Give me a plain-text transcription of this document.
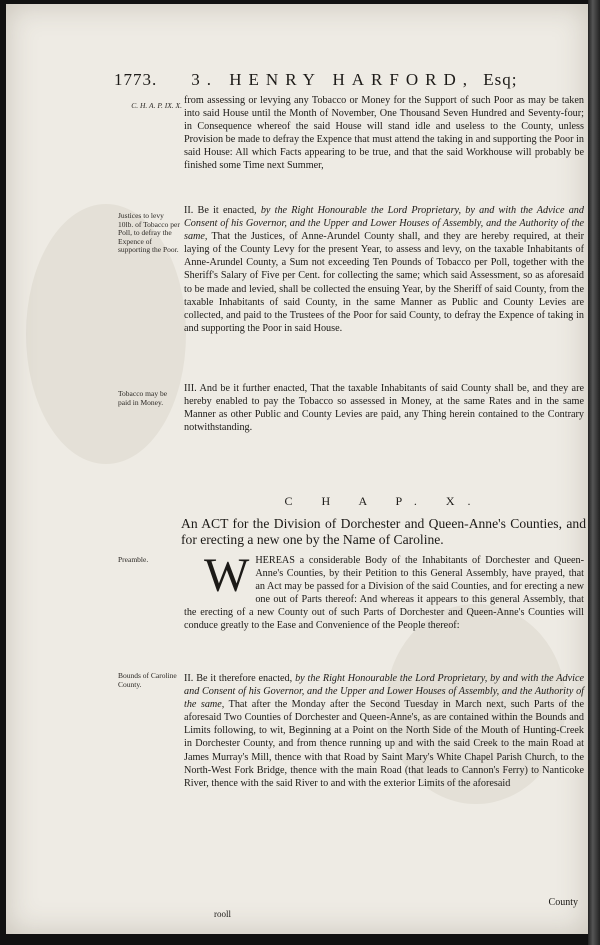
1773. 3. HENRY HARFORD, Esq;
C. H. A. P. IX. X.
Justices to levy 10lb. of Tobacco per Poll, to defray the Expence of supporting the Poor.
Tobacco may be paid in Money.
Preamble.
Bounds of Caroline County.

from assessing or levying any Tobacco or Money for the Support of such Poor as may be taken into said House until the Month of November, One Thousand Seven Hundred and Seventy-four; in Consequence whereof the said House will stand idle and useless to the County, unless Provision be made to defray the Expence that must attend the taking in and supporting the Poor in said House: All which Facts appearing to be true, and that the said Workhouse will probably be finished some Time next Summer,

II. Be it enacted, by the Right Honourable the Lord Proprietary, by and with the Advice and Consent of his Governor, and the Upper and Lower Houses of Assembly, and the Authority of the same, That the Justices, of Anne-Arundel County shall, and they are hereby required, at their laying of the County Levy for the present Year, to assess and levy, on the taxable Inhabitants of Anne-Arundel County, a Sum not exceeding Ten Pounds of Tobacco per Poll, together with the Sheriff's Salary of Five per Cent. for collecting the same; which said Assessment, so as aforesaid to be made and levied, shall be collected the ensuing Year, by the Sheriff of said County, from the taxable Inhabitants of said County, in the same Manner as Public and County Levies are collected, and paid to the Trustees of the Poor for said County, to defray the Expence of taking in and supporting the Poor in said House.

III. And be it further enacted, That the taxable Inhabitants of said County shall be, and they are hereby enabled to pay the Tobacco so assessed in Money, at the same Rates and in the same Manner as other Public and County Levies are paid, any Thing herein contained to the Contrary notwithstanding.

C H A P. X.
An ACT for the Division of Dorchester and Queen-Anne's Counties, and for erecting a new one by the Name of Caroline.

WHEREAS a considerable Body of the Inhabitants of Dorchester and Queen-Anne's Counties, by their Petition to this General Assembly, have prayed, that an Act may be passed for a Division of the said Counties, and for erecting a new one out of Parts thereof: And whereas it appears to this general Assembly, that the erecting of a new County out of such Parts of Dorchester and Queen-Anne's Counties will conduce greatly to the Ease and Convenience of the People thereof:

II. Be it therefore enacted, by the Right Honourable the Lord Proprietary, by and with the Advice and Consent of his Governor, and the Upper and Lower Houses of Assembly, and the Authority of the same, That after the Monday after the Second Tuesday in March next, such Parts of the aforesaid Two Counties of Dorchester and Queen-Anne's, as are contained within the Bounds and Limits following, to wit, Beginning at a Point on the North Side of the Mouth of Hunting-Creek in Dorchester County, and from thence running up and with the said Creek to the main Road at James Murray's Mill, thence with that Road by Saint Mary's White Chapel Parish Church, to the North-West Fork Bridge, thence with the main Road (that leads to Cannon's Ferry) to Nanticoke River, thence with the said River to and with the exterior Limits of the aforesaid

County
rooll
